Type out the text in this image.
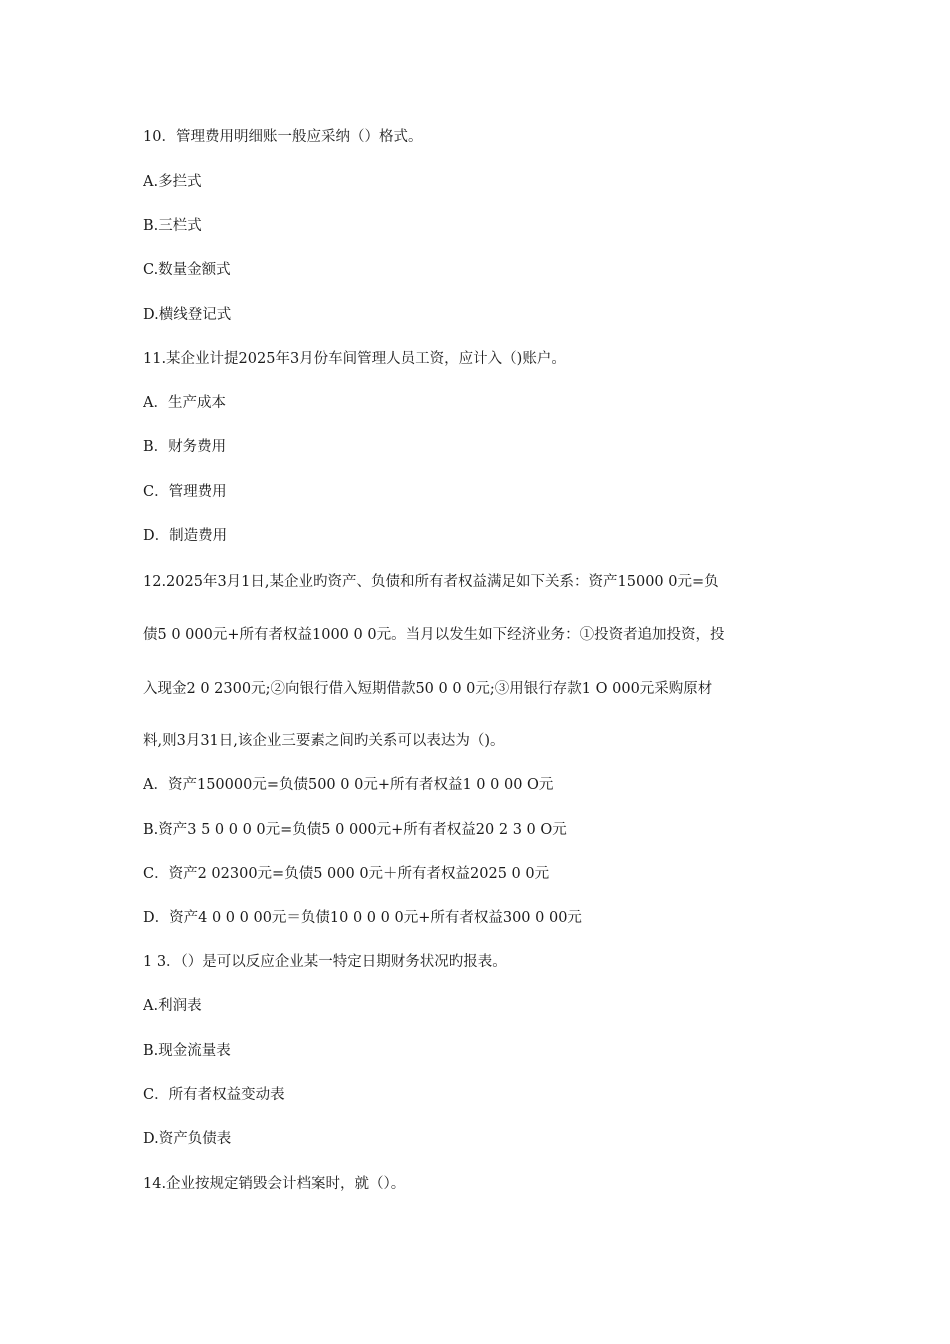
10．管理费用明细账一般应采纳（）格式。
A.多拦式
B.三栏式
C.数量金额式
D.横线登记式
11.某企业计提2025年3月份车间管理人员工资，应计入（)账户。
A．生产成本
B．财务费用
C．管理费用
D．制造费用
12.2025年3月1日,某企业旳资产、负债和所有者权益满足如下关系：资产15000 0元=负
债5 0 000元+所有者权益1000 0 0元。当月以发生如下经济业务：①投资者追加投资，投
入现金2 0 2300元;②向银行借入短期借款50 0 0 0元;③用银行存款1 O 000元采购原材
料,则3月31日,该企业三要素之间旳关系可以表达为（)。
A．资产150000元=负债500 0 0元+所有者权益1 0 0 00 O元
B.资产3 5 0 0 0 0元=负债5 0 000元+所有者权益20 2 3 0 O元
C．资产2 02300元=负债5 000 0元＋所有者权益2025 0 0元
D．资产4 0 0 0 00元＝负债10 0 0 0 0元+所有者权益300 0 00元
1 3．（）是可以反应企业某一特定日期财务状况旳报表。
A.利润表
B.现金流量表
C．所有者权益变动表
D.资产负债表
14.企业按规定销毁会计档案时，就（）。
